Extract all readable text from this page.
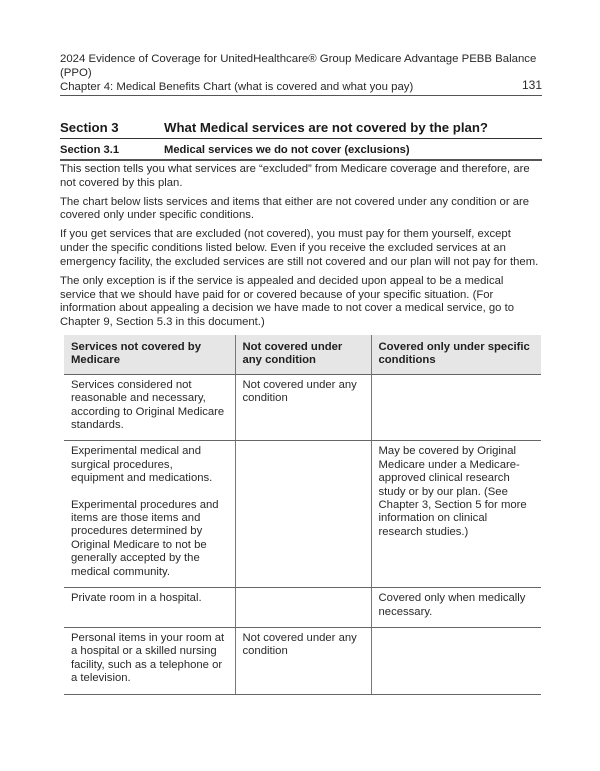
2024 Evidence of Coverage for UnitedHealthcare® Group Medicare Advantage PEBB Balance (PPO)
Chapter 4: Medical Benefits Chart (what is covered and what you pay)	131
Section 3	What Medical services are not covered by the plan?
Section 3.1	Medical services we do not cover (exclusions)

This section tells you what services are “excluded” from Medicare coverage and therefore, are not covered by this plan.

The chart below lists services and items that either are not covered under any condition or are covered only under specific conditions.

If you get services that are excluded (not covered), you must pay for them yourself, except under the specific conditions listed below. Even if you receive the excluded services at an emergency facility, the excluded services are still not covered and our plan will not pay for them.

The only exception is if the service is appealed and decided upon appeal to be a medical service that we should have paid for or covered because of your specific situation. (For information about appealing a decision we have made to not cover a medical service, go to Chapter 9, Section 5.3 in this document.)

Services not covered by Medicare	Not covered under any condition	Covered only under specific conditions

Services considered not reasonable and necessary, according to Original Medicare standards.	Not covered under any condition	

Experimental medical and surgical procedures, equipment and medications.
Experimental procedures and items are those items and procedures determined by Original Medicare to not be generally accepted by the medical community.		May be covered by Original Medicare under a Medicare-approved clinical research study or by our plan. (See Chapter 3, Section 5 for more information on clinical research studies.)

Private room in a hospital.		Covered only when medically necessary.

Personal items in your room at a hospital or a skilled nursing facility, such as a telephone or a television.	Not covered under any condition	
